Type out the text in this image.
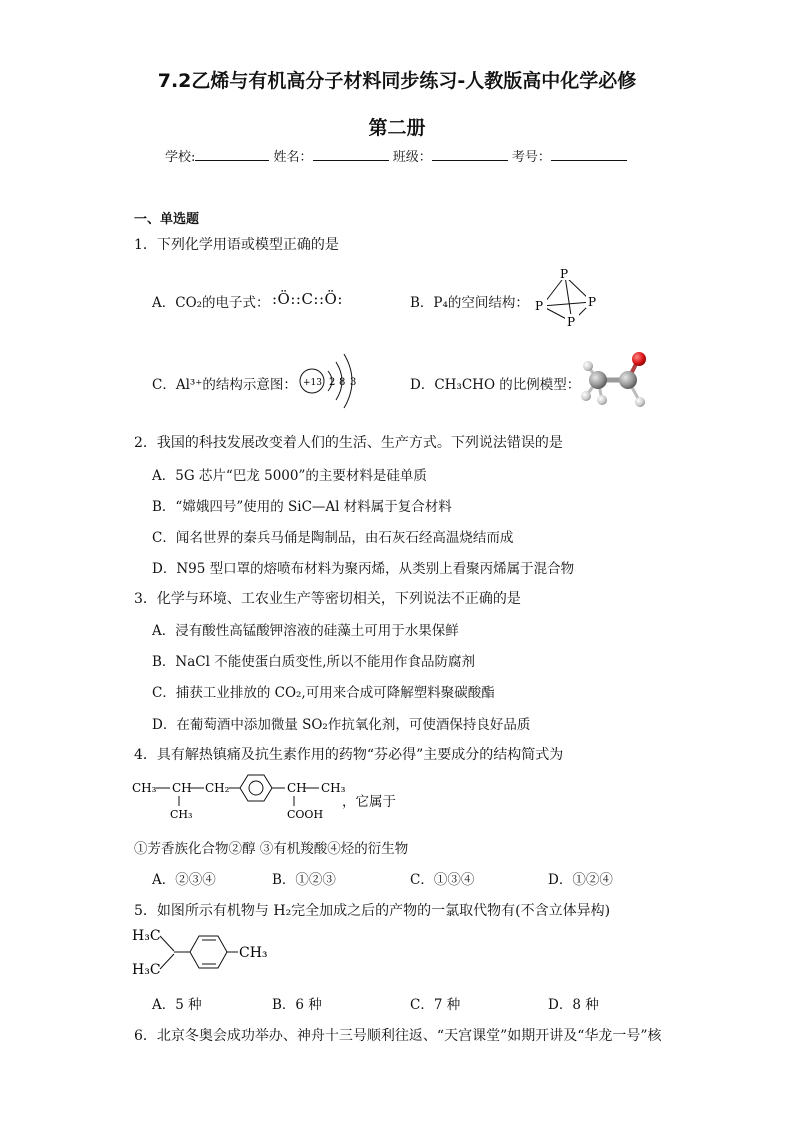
7.2乙烯与有机高分子材料同步练习-人教版高中化学必修
第二册
学校:	姓名：	班级：	考号：
一、单选题
1．下列化学用语或模型正确的是
A．CO₂的电子式： :Ö::C::Ö:	B．P₄的空间结构：
P
P	P
P
C．Al³⁺的结构示意图： +13 2 8 3	D．CH₃CHO 的比例模型：
2．我国的科技发展改变着人们的生活、生产方式。下列说法错误的是
A．5G 芯片“巴龙 5000”的主要材料是硅单质
B．“嫦娥四号”使用的 SiC—Al 材料属于复合材料
C．闻名世界的秦兵马俑是陶制品，由石灰石经高温烧结而成
D．N95 型口罩的熔喷布材料为聚丙烯，从类别上看聚丙烯属于混合物
3．化学与环境、工农业生产等密切相关，下列说法不正确的是
A．浸有酸性高锰酸钾溶液的硅藻土可用于水果保鲜
B．NaCl 不能使蛋白质变性,所以不能用作食品防腐剂
C．捕获工业排放的 CO₂,可用来合成可降解塑料聚碳酸酯
D．在葡萄酒中添加微量 SO₂作抗氧化剂，可使酒保持良好品质
4．具有解热镇痛及抗生素作用的药物“芬必得”主要成分的结构简式为
CH₃ CH
CH₃
CH₂	CH
COOH
CH₃
，它属于
①芳香族化合物②醇 ③有机羧酸④烃的衍生物
A．②③④	B．①②③	C．①③④	D．①②④
5．如图所示有机物与 H₂完全加成之后的产物的一氯取代物有(不含立体异构)
H₃C
H₃C
CH₃
A．5 种	B．6 种	C．7 种	D．8 种
6．北京冬奥会成功举办、神舟十三号顺利往返、“天宫课堂”如期开讲及“华龙一号”核
